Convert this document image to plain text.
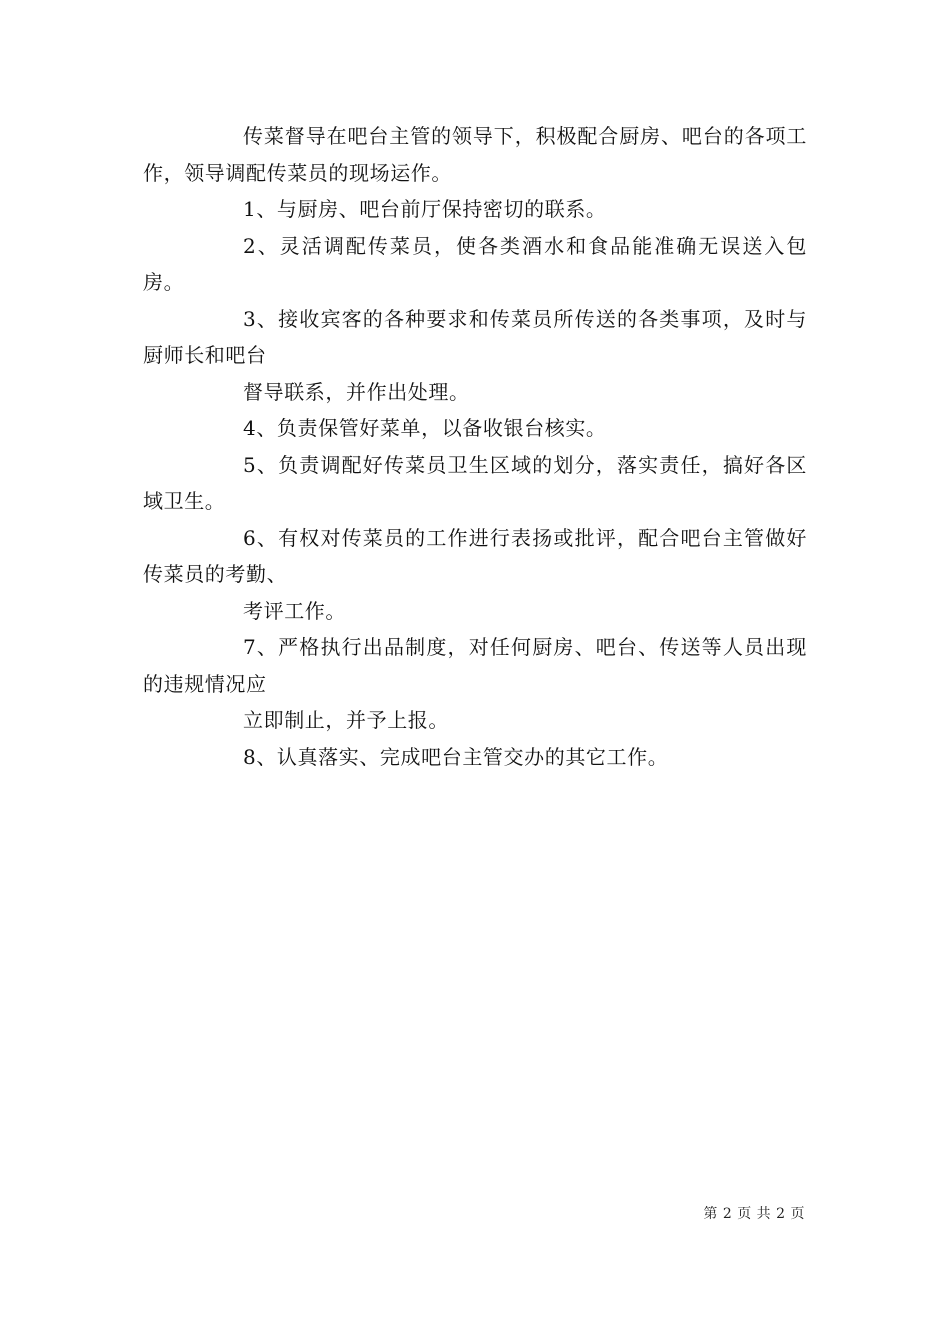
传菜督导在吧台主管的领导下，积极配合厨房、吧台的各项工作，领导调配传菜员的现场运作。

1、与厨房、吧台前厅保持密切的联系。

2、灵活调配传菜员，使各类酒水和食品能准确无误送入包房。

3、接收宾客的各种要求和传菜员所传送的各类事项，及时与厨师长和吧台

督导联系，并作出处理。

4、负责保管好菜单，以备收银台核实。

5、负责调配好传菜员卫生区域的划分，落实责任，搞好各区域卫生。

6、有权对传菜员的工作进行表扬或批评，配合吧台主管做好传菜员的考勤、

考评工作。

7、严格执行出品制度，对任何厨房、吧台、传送等人员出现的违规情况应

立即制止，并予上报。

8、认真落实、完成吧台主管交办的其它工作。

第 2 页 共 2 页
